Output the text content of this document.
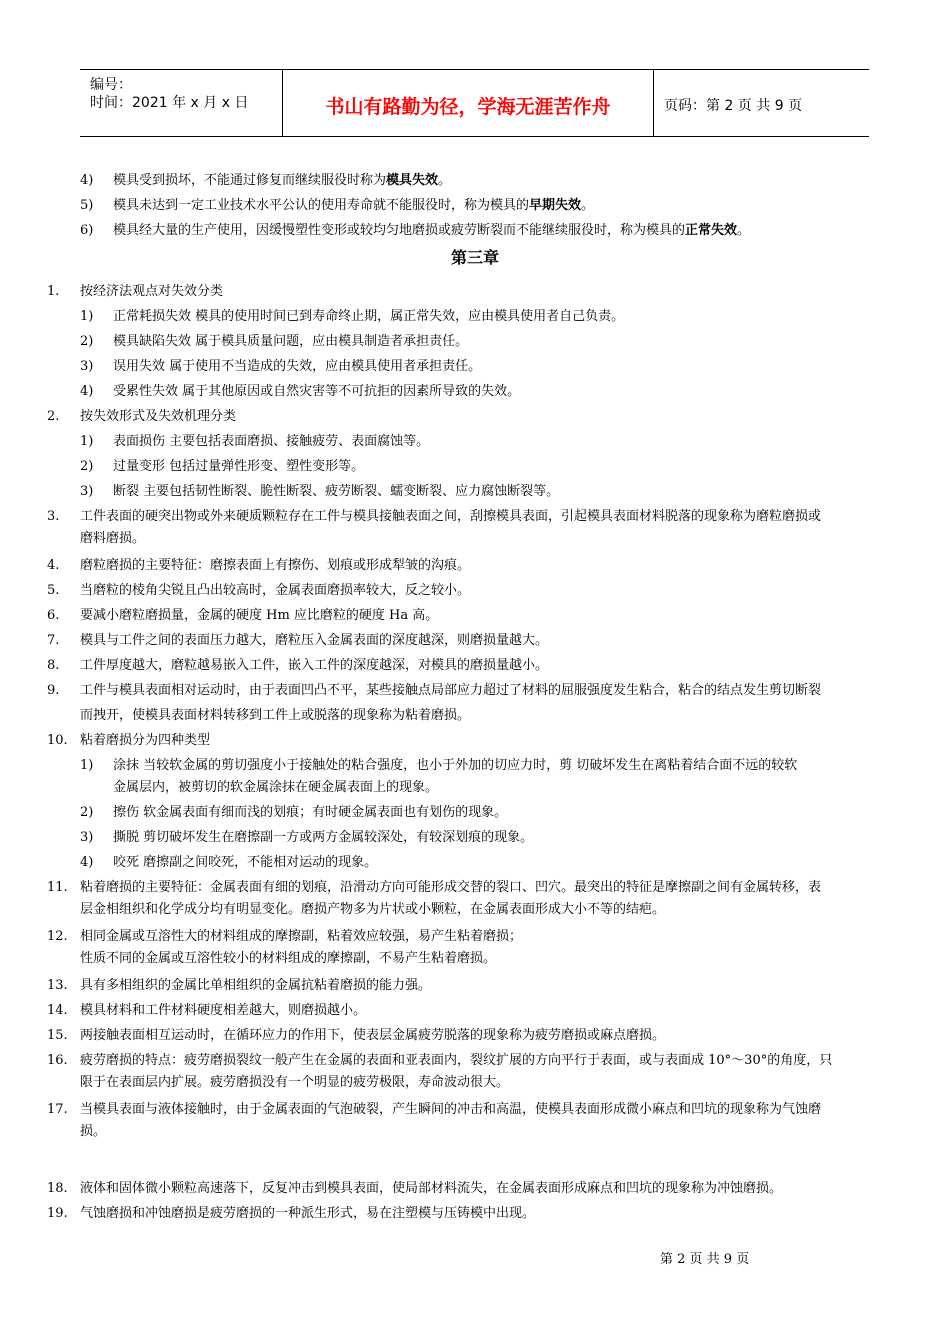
编号：
时间：2021 年 x 月 x 日	书山有路勤为径，学海无涯苦作舟	页码：第 2 页 共 9 页
4) 模具受到损坏，不能通过修复而继续服役时称为模具失效。
5) 模具未达到一定工业技术水平公认的使用寿命就不能服役时，称为模具的早期失效。
6) 模具经大量的生产使用，因缓慢塑性变形或较均匀地磨损或疲劳断裂而不能继续服役时，称为模具的正常失效。
第三章
1. 按经济法观点对失效分类
1) 正常耗损失效 模具的使用时间已到寿命终止期，属正常失效，应由模具使用者自己负责。
2) 模具缺陷失效 属于模具质量问题，应由模具制造者承担责任。
3) 误用失效 属于使用不当造成的失效，应由模具使用者承担责任。
4) 受累性失效 属于其他原因或自然灾害等不可抗拒的因素所导致的失效。
2. 按失效形式及失效机理分类
1) 表面损伤 主要包括表面磨损、接触疲劳、表面腐蚀等。
2) 过量变形 包括过量弹性形变、塑性变形等。
3) 断裂 主要包括韧性断裂、脆性断裂、疲劳断裂、蠕变断裂、应力腐蚀断裂等。
3. 工件表面的硬突出物或外来硬质颗粒存在工件与模具接触表面之间，刮擦模具表面，引起模具表面材料脱落的现象称为磨粒磨损或
磨料磨损。
4. 磨粒磨损的主要特征：磨擦表面上有擦伤、划痕或形成犁皱的沟痕。
5. 当磨粒的棱角尖锐且凸出较高时，金属表面磨损率较大，反之较小。
6. 要减小磨粒磨损量，金属的硬度 Hm 应比磨粒的硬度 Ha 高。
7. 模具与工件之间的表面压力越大，磨粒压入金属表面的深度越深，则磨损量越大。
8. 工件厚度越大，磨粒越易嵌入工件，嵌入工件的深度越深，对模具的磨损量越小。
9. 工件与模具表面相对运动时，由于表面凹凸不平，某些接触点局部应力超过了材料的屈服强度发生粘合，粘合的结点发生剪切断裂
而拽开，使模具表面材料转移到工件上或脱落的现象称为粘着磨损。
10. 粘着磨损分为四种类型
1) 涂抹 当较软金属的剪切强度小于接触处的粘合强度，也小于外加的切应力时，剪 切破坏发生在离粘着结合面不远的较软
金属层内，被剪切的软金属涂抹在硬金属表面上的现象。
2) 擦伤 软金属表面有细而浅的划痕；有时硬金属表面也有划伤的现象。
3) 撕脱 剪切破坏发生在磨擦副一方或两方金属较深处，有较深划痕的现象。
4) 咬死 磨擦副之间咬死，不能相对运动的现象。
11. 粘着磨损的主要特征：金属表面有细的划痕，沿滑动方向可能形成交替的裂口、凹穴。最突出的特征是摩擦副之间有金属转移，表
层金相组织和化学成分均有明显变化。磨损产物多为片状或小颗粒，在金属表面形成大小不等的结疤。
12. 相同金属或互溶性大的材料组成的摩擦副，粘着效应较强，易产生粘着磨损；
性质不同的金属或互溶性较小的材料组成的摩擦副，不易产生粘着磨损。
13. 具有多相组织的金属比单相组织的金属抗粘着磨损的能力强。
14. 模具材料和工件材料硬度相差越大，则磨损越小。
15. 两接触表面相互运动时，在循环应力的作用下，使表层金属疲劳脱落的现象称为疲劳磨损或麻点磨损。
16. 疲劳磨损的特点：疲劳磨损裂纹一般产生在金属的表面和亚表面内，裂纹扩展的方向平行于表面，或与表面成 10°～30°的角度，只
限于在表面层内扩展。疲劳磨损没有一个明显的疲劳极限，寿命波动很大。
17. 当模具表面与液体接触时，由于金属表面的气泡破裂，产生瞬间的冲击和高温，使模具表面形成微小麻点和凹坑的现象称为气蚀磨
损。
18. 液体和固体微小颗粒高速落下，反复冲击到模具表面，使局部材料流失，在金属表面形成麻点和凹坑的现象称为冲蚀磨损。
19. 气蚀磨损和冲蚀磨损是疲劳磨损的一种派生形式，易在注塑模与压铸模中出现。
第 2 页 共 9 页
